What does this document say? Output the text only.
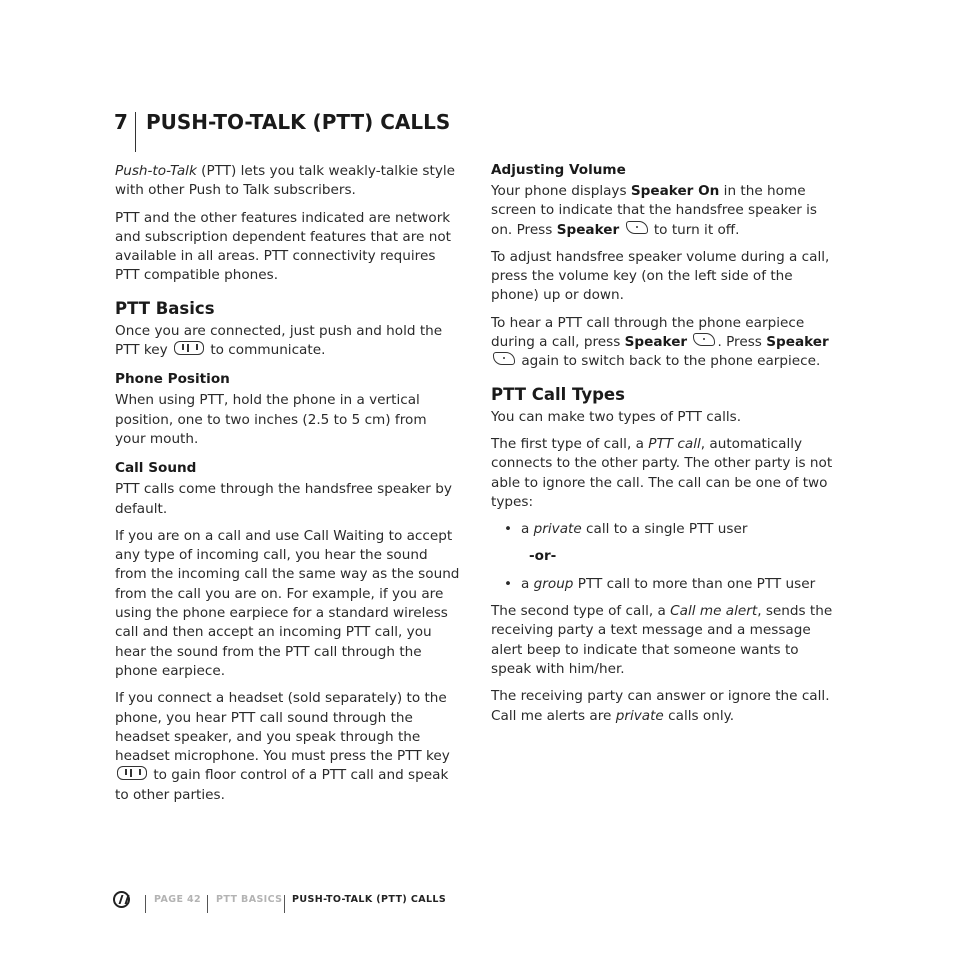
7 PUSH-TO-TALK (PTT) CALLS

Push-to-Talk (PTT) lets you talk weakly-talkie style with other Push to Talk subscribers.

PTT and the other features indicated are network and subscription dependent features that are not available in all areas. PTT connectivity requires PTT compatible phones.

PTT Basics

Once you are connected, just push and hold the PTT key	to communicate.

Phone Position

When using PTT, hold the phone in a vertical position, one to two inches (2.5 to 5 cm) from your mouth.

Call Sound

PTT calls come through the handsfree speaker by default.

If you are on a call and use Call Waiting to accept any type of incoming call, you hear the sound from the incoming call the same way as the sound from the call you are on. For example, if you are using the phone earpiece for a standard wireless call and then accept an incoming PTT call, you hear the sound from the PTT call through the phone earpiece.

If you connect a headset (sold separately) to the phone, you hear PTT call sound through the headset speaker, and you speak through the headset microphone. You must press the PTT key  to gain floor control of a PTT call and speak to other parties.

Adjusting Volume

Your phone displays Speaker On in the home screen to indicate that the handsfree speaker is on. Press Speaker  to turn it off.

To adjust handsfree speaker volume during a call, press the volume key (on the left side of the phone) up or down.

To hear a PTT call through the phone earpiece during a call, press Speaker . Press Speaker  again to switch back to the phone earpiece.

PTT Call Types

You can make two types of PTT calls.

The first type of call, a PTT call, automatically connects to the other party. The other party is not able to ignore the call. The call can be one of two types:

• a private call to a single PTT user
-or-
• a group PTT call to more than one PTT user

The second type of call, a Call me alert, sends the receiving party a text message and a message alert beep to indicate that someone wants to speak with him/her.

The receiving party can answer or ignore the call. Call me alerts are private calls only.

PAGE 42 PTT BASICS PUSH-TO-TALK (PTT) CALLS
